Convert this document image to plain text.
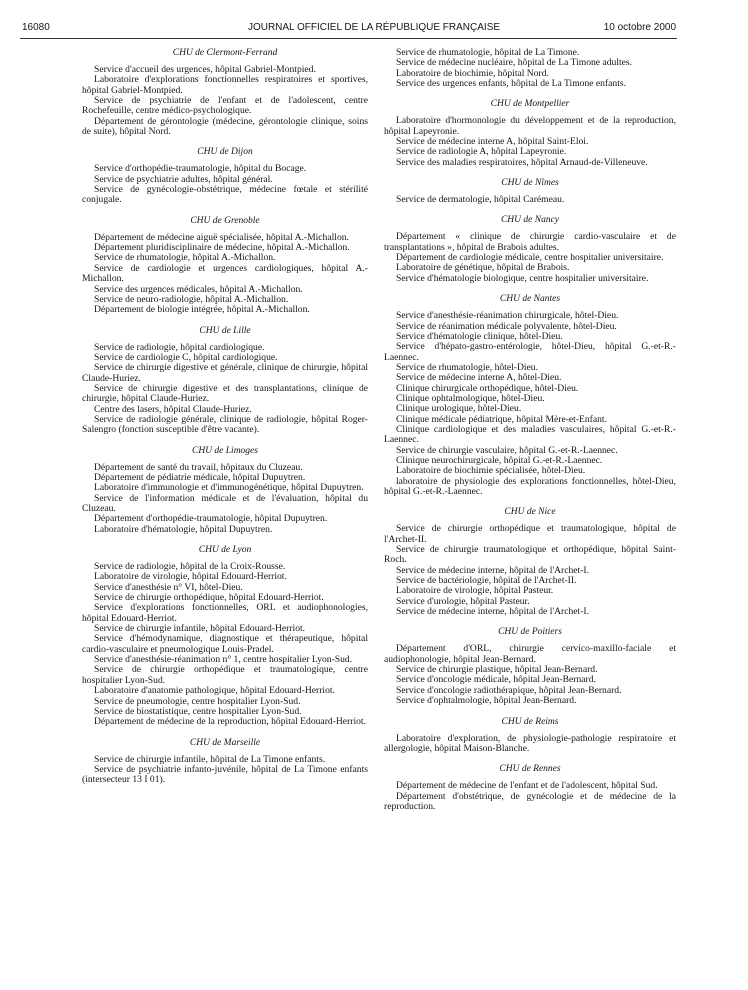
16080	JOURNAL OFFICIEL DE LA RÉPUBLIQUE FRANÇAISE	10 octobre 2000
CHU de Clermont-Ferrand

Service d'accueil des urgences, hôpital Gabriel-Montpied.

Laboratoire d'explorations fonctionnelles respiratoires et sportives, hôpital Gabriel-Montpied.

Service de psychiatrie de l'enfant et de l'adolescent, centre Rochefeuille, centre médico-psychologique.

Département de gérontologie (médecine, gérontologie clinique, soins de suite), hôpital Nord.

CHU de Dijon

Service d'orthopédie-traumatologie, hôpital du Bocage.

Service de psychiatrie adultes, hôpital général.

Service de gynécologie-obstétrique, médecine fœtale et stérilité conjugale.

CHU de Grenoble

Département de médecine aiguë spécialisée, hôpital A.-Michallon.

Département pluridisciplinaire de médecine, hôpital A.-Michallon.

Service de rhumatologie, hôpital A.-Michallon.

Service de cardiologie et urgences cardiologiques, hôpital A.-Michallon.

Service des urgences médicales, hôpital A.-Michallon.

Service de neuro-radiologie, hôpital A.-Michallon.

Département de biologie intégrée, hôpital A.-Michallon.

CHU de Lille

Service de radiologie, hôpital cardiologique.

Service de cardiologie C, hôpital cardiologique.

Service de chirurgie digestive et générale, clinique de chirurgie, hôpital Claude-Huriez.

Service de chirurgie digestive et des transplantations, clinique de chirurgie, hôpital Claude-Huriez.

Centre des lasers, hôpital Claude-Huriez.

Service de radiologie générale, clinique de radiologie, hôpital Roger-Salengro (fonction susceptible d'être vacante).

CHU de Limoges

Département de santé du travail, hôpitaux du Cluzeau.

Département de pédiatrie médicale, hôpital Dupuytren.

Laboratoire d'immunologie et d'immunogénétique, hôpital Dupuytren.

Service de l'information médicale et de l'évaluation, hôpital du Cluzeau.

Département d'orthopédie-traumatologie, hôpital Dupuytren.

Laboratoire d'hématologie, hôpital Dupuytren.

CHU de Lyon

Service de radiologie, hôpital de la Croix-Rousse.

Laboratoire de virologie, hôpital Edouard-Herriot.

Service d'anesthésie n° VI, hôtel-Dieu.

Service de chirurgie orthopédique, hôpital Edouard-Herriot.

Service d'explorations fonctionnelles, ORL et audiophonologies, hôpital Edouard-Herriot.

Service de chirurgie infantile, hôpital Edouard-Herriot.

Service d'hémodynamique, diagnostique et thérapeutique, hôpital cardio-vasculaire et pneumologique Louis-Pradel.

Service d'anesthésie-réanimation n° 1, centre hospitalier Lyon-Sud.

Service de chirurgie orthopédique et traumatologique, centre hospitalier Lyon-Sud.

Laboratoire d'anatomie pathologique, hôpital Edouard-Herriot.

Service de pneumologie, centre hospitalier Lyon-Sud.

Service de biostatistique, centre hospitalier Lyon-Sud.

Département de médecine de la reproduction, hôpital Edouard-Herriot.

CHU de Marseille

Service de chirurgie infantile, hôpital de La Timone enfants.

Service de psychiatrie infanto-juvénile, hôpital de La Timone enfants (intersecteur 13 I 01).

Service de rhumatologie, hôpital de La Timone.

Service de médecine nucléaire, hôpital de La Timone adultes.

Laboratoire de biochimie, hôpital Nord.

Service des urgences enfants, hôpital de La Timone enfants.

CHU de Montpellier

Laboratoire d'hormonologie du développement et de la reproduction, hôpital Lapeyronie.

Service de médecine interne A, hôpital Saint-Eloi.

Service de radiologie A, hôpital Lapeyronie.

Service des maladies respiratoires, hôpital Arnaud-de-Villeneuve.

CHU de Nîmes

Service de dermatologie, hôpital Carémeau.

CHU de Nancy

Département « clinique de chirurgie cardio-vasculaire et de transplantations », hôpital de Brabois adultes.

Département de cardiologie médicale, centre hospitalier universitaire.

Laboratoire de génétique, hôpital de Brabois.

Service d'hématologie biologique, centre hospitalier universitaire.

CHU de Nantes

Service d'anesthésie-réanimation chirurgicale, hôtel-Dieu.

Service de réanimation médicale polyvalente, hôtel-Dieu.

Service d'hématologie clinique, hôtel-Dieu.

Service d'hépato-gastro-entérologie, hôtel-Dieu, hôpital G.-et-R.-Laennec.

Service de rhumatologie, hôtel-Dieu.

Service de médecine interne A, hôtel-Dieu.

Clinique chirurgicale orthopédique, hôtel-Dieu.

Clinique ophtalmologique, hôtel-Dieu.

Clinique urologique, hôtel-Dieu.

Clinique médicale pédiatrique, hôpital Mère-et-Enfant.

Clinique cardiologique et des maladies vasculaires, hôpital G.-et-R.-Laennec.

Service de chirurgie vasculaire, hôpital G.-et-R.-Laennec.

Clinique neurochirurgicale, hôpital G.-et-R.-Laennec.

Laboratoire de biochimie spécialisée, hôtel-Dieu.

laboratoire de physiologie des explorations fonctionnelles, hôtel-Dieu, hôpital G.-et-R.-Laennec.

CHU de Nice

Service de chirurgie orthopédique et traumatologique, hôpital de l'Archet-II.

Service de chirurgie traumatologique et orthopédique, hôpital Saint-Roch.

Service de médecine interne, hôpital de l'Archet-I.

Service de bactériologie, hôpital de l'Archet-II.

Laboratoire de virologie, hôpital Pasteur.

Service d'urologie, hôpital Pasteur.

Service de médecine interne, hôpital de l'Archet-I.

CHU de Poitiers

Département d'ORL, chirurgie cervico-maxillo-faciale et audiophonologie, hôpital Jean-Bernard.

Service de chirurgie plastique, hôpital Jean-Bernard.

Service d'oncologie médicale, hôpital Jean-Bernard.

Service d'oncologie radiothérapique, hôpital Jean-Bernard.

Service d'ophtalmologie, hôpital Jean-Bernard.

CHU de Reims

Laboratoire d'exploration, de physiologie-pathologie respiratoire et allergologie, hôpital Maison-Blanche.

CHU de Rennes

Département de médecine de l'enfant et de l'adolescent, hôpital Sud.

Département d'obstétrique, de gynécologie et de médecine de la reproduction.
